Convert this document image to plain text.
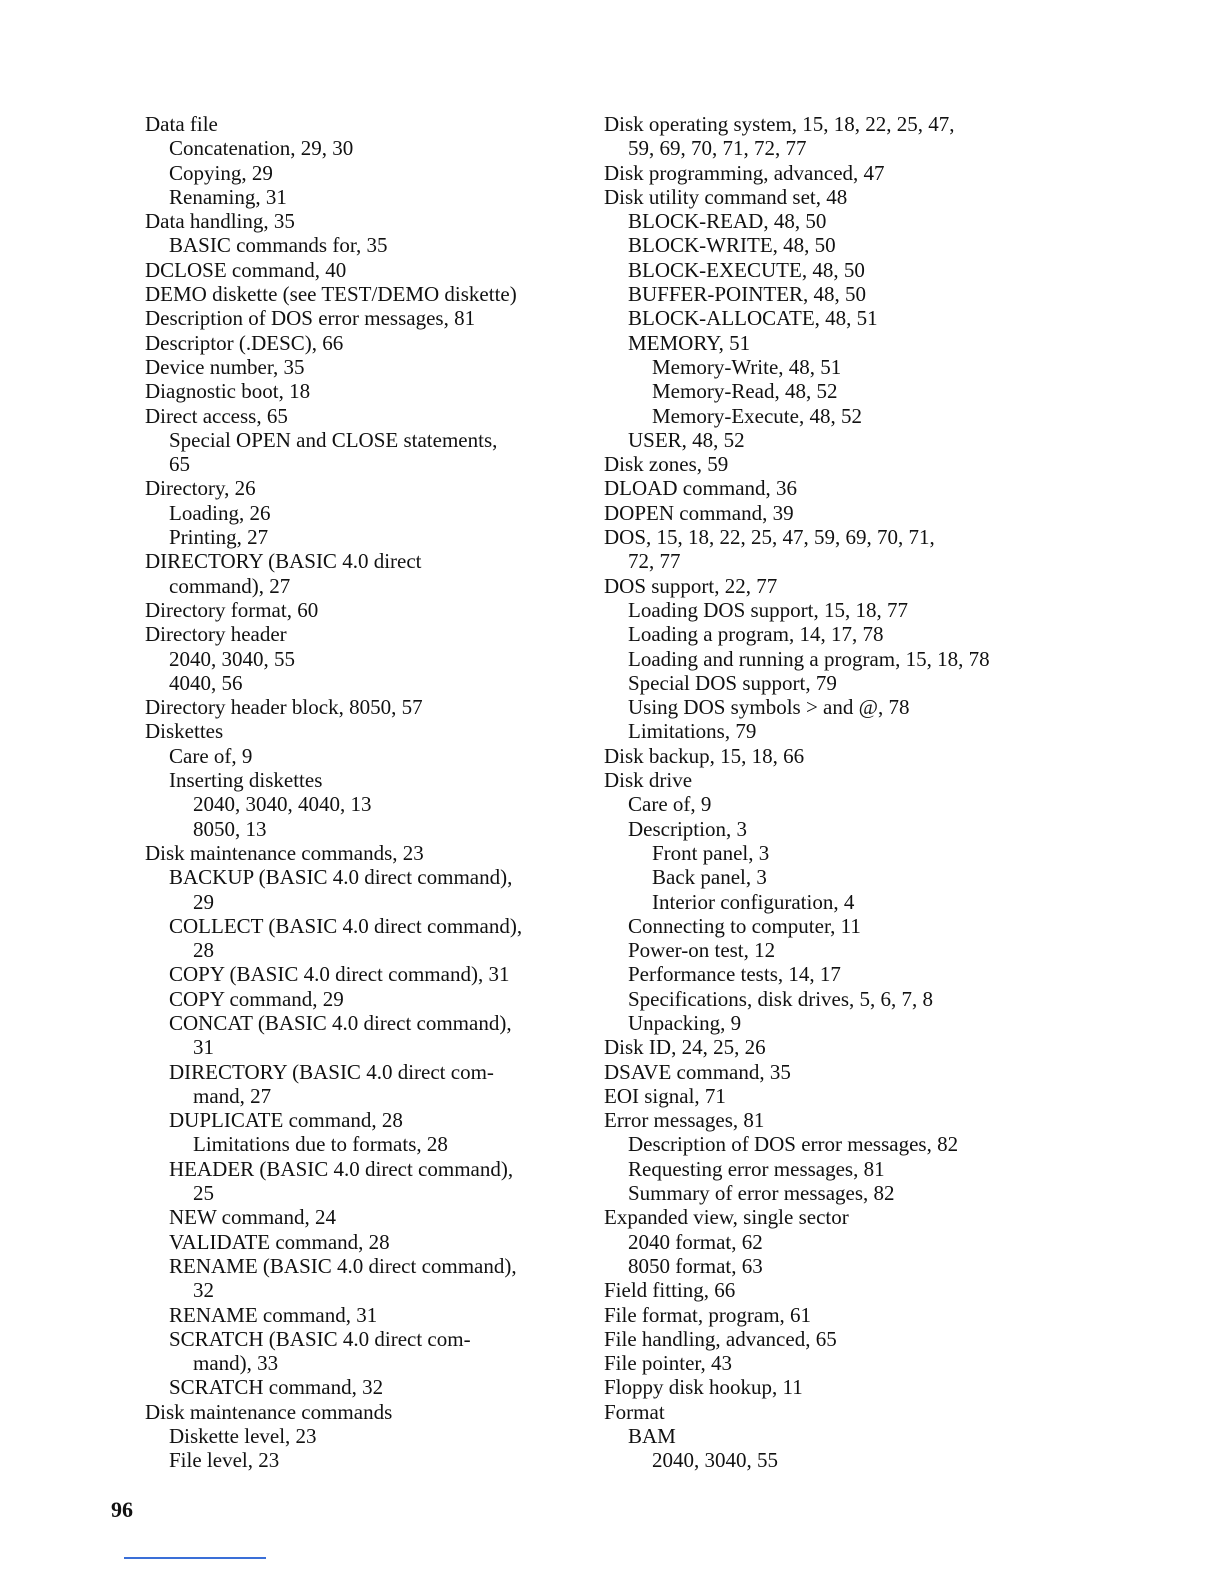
Data file
Concatenation, 29, 30
Copying, 29
Renaming, 31
Data handling, 35
BASIC commands for, 35
DCLOSE command, 40
DEMO diskette (see TEST/DEMO diskette)
Description of DOS error messages, 81
Descriptor (.DESC), 66
Device number, 35
Diagnostic boot, 18
Direct access, 65
Special OPEN and CLOSE statements,
65
Directory, 26
Loading, 26
Printing, 27
DIRECTORY (BASIC 4.0 direct
command), 27
Directory format, 60
Directory header
2040, 3040, 55
4040, 56
Directory header block, 8050, 57
Diskettes
Care of, 9
Inserting diskettes
2040, 3040, 4040, 13
8050, 13
Disk maintenance commands, 23
BACKUP (BASIC 4.0 direct command),
29
COLLECT (BASIC 4.0 direct command),
28
COPY (BASIC 4.0 direct command), 31
COPY command, 29
CONCAT (BASIC 4.0 direct command),
31
DIRECTORY (BASIC 4.0 direct com-
mand, 27
DUPLICATE command, 28
Limitations due to formats, 28
HEADER (BASIC 4.0 direct command),
25
NEW command, 24
VALIDATE command, 28
RENAME (BASIC 4.0 direct command),
32
RENAME command, 31
SCRATCH (BASIC 4.0 direct com-
mand), 33
SCRATCH command, 32
Disk maintenance commands
Diskette level, 23
File level, 23
Disk operating system, 15, 18, 22, 25, 47,
59, 69, 70, 71, 72, 77
Disk programming, advanced, 47
Disk utility command set, 48
BLOCK-READ, 48, 50
BLOCK-WRITE, 48, 50
BLOCK-EXECUTE, 48, 50
BUFFER-POINTER, 48, 50
BLOCK-ALLOCATE, 48, 51
MEMORY, 51
Memory-Write, 48, 51
Memory-Read, 48, 52
Memory-Execute, 48, 52
USER, 48, 52
Disk zones, 59
DLOAD command, 36
DOPEN command, 39
DOS, 15, 18, 22, 25, 47, 59, 69, 70, 71,
72, 77
DOS support, 22, 77
Loading DOS support, 15, 18, 77
Loading a program, 14, 17, 78
Loading and running a program, 15, 18, 78
Special DOS support, 79
Using DOS symbols > and @, 78
Limitations, 79
Disk backup, 15, 18, 66
Disk drive
Care of, 9
Description, 3
Front panel, 3
Back panel, 3
Interior configuration, 4
Connecting to computer, 11
Power-on test, 12
Performance tests, 14, 17
Specifications, disk drives, 5, 6, 7, 8
Unpacking, 9
Disk ID, 24, 25, 26
DSAVE command, 35
EOI signal, 71
Error messages, 81
Description of DOS error messages, 82
Requesting error messages, 81
Summary of error messages, 82
Expanded view, single sector
2040 format, 62
8050 format, 63
Field fitting, 66
File format, program, 61
File handling, advanced, 65
File pointer, 43
Floppy disk hookup, 11
Format
BAM
2040, 3040, 55
96
